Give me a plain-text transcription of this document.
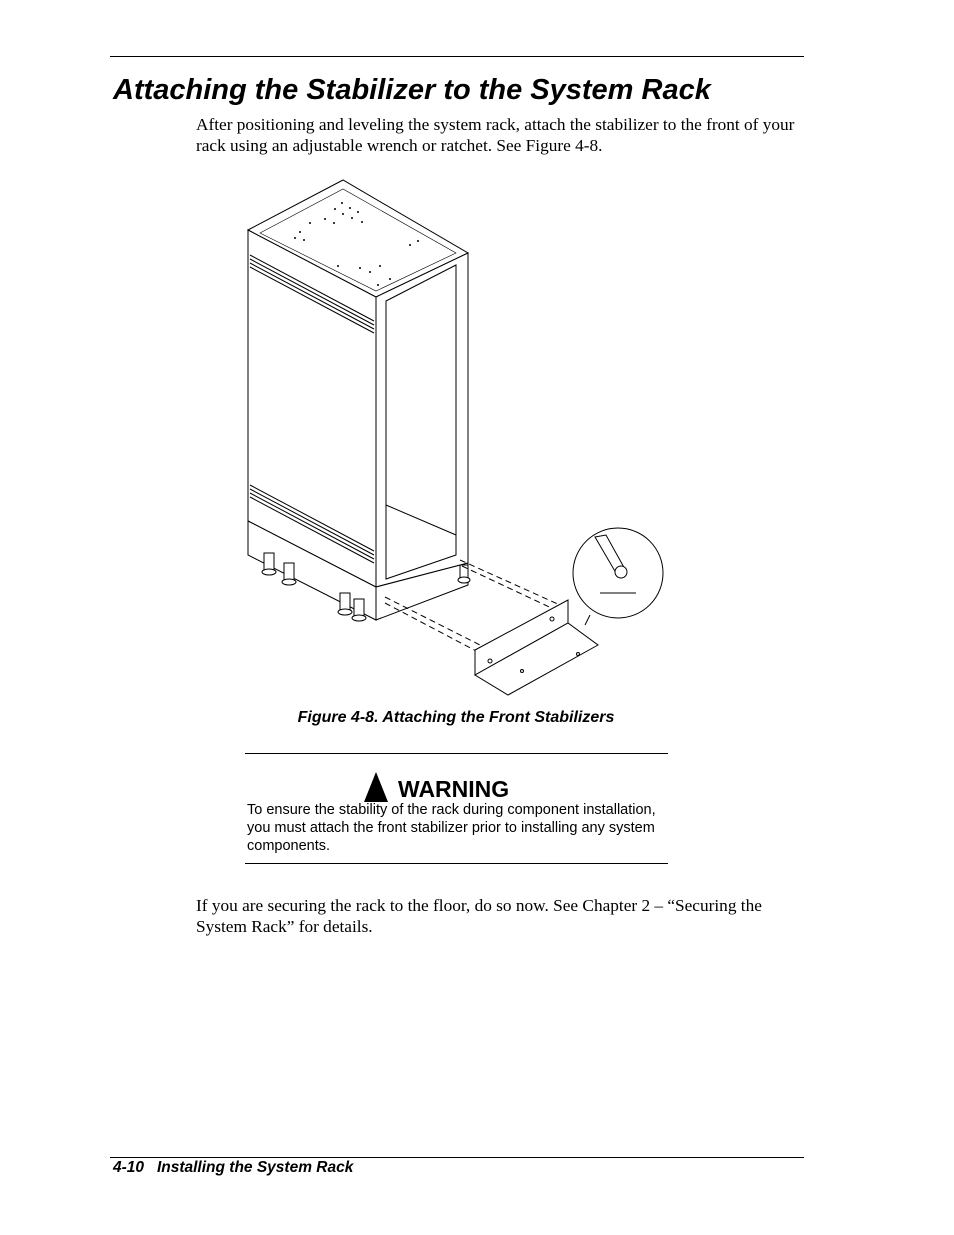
Attaching the Stabilizer to the System Rack

After positioning and leveling the system rack, attach the stabilizer to the front of your rack using an adjustable wrench or ratchet. See Figure 4-8.

Figure 4-8. Attaching the Front Stabilizers
WARNING
To ensure the stability of the rack during component installation, you must attach the front stabilizer prior to installing any system components.

If you are securing the rack to the floor, do so now. See Chapter 2 – “Securing the System Rack” for details.

4-10 Installing the System Rack
